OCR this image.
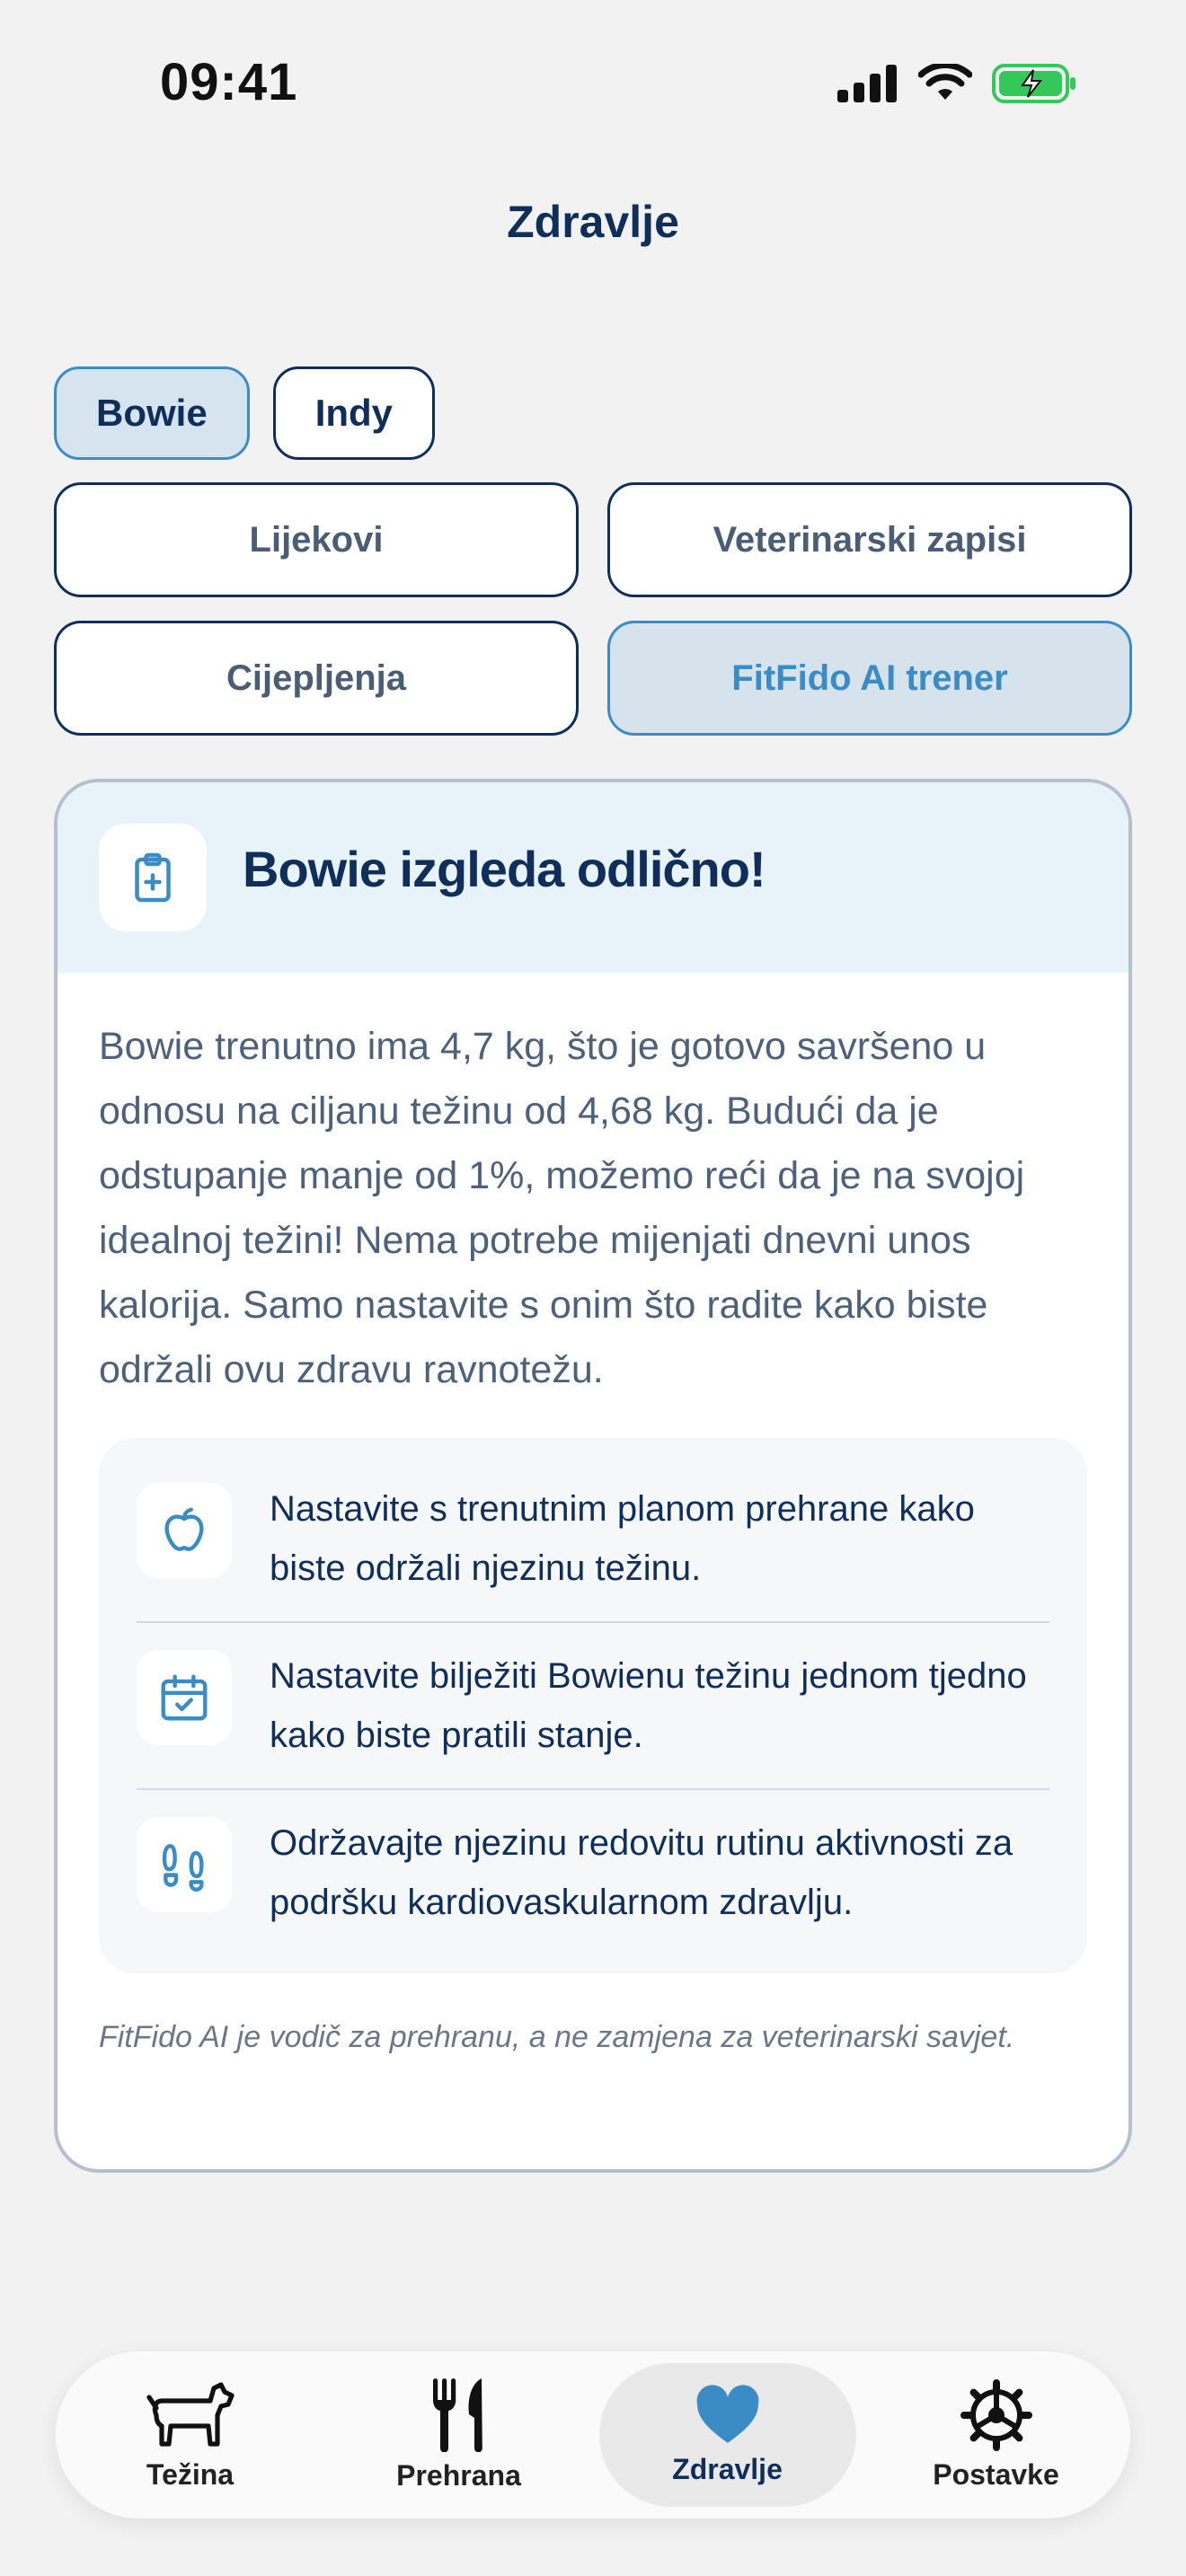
09:41
Zdravlje
Bowie	Indy
Lijekovi	Veterinarski zapisi
Cijepljenja	FitFido AI trener
Bowie izgleda odlično!
Bowie trenutno ima 4,7 kg, što je gotovo savršeno u odnosu na ciljanu težinu od 4,68 kg. Budući da je odstupanje manje od 1%, možemo reći da je na svojoj idealnoj težini! Nema potrebe mijenjati dnevni unos kalorija. Samo nastavite s onim što radite kako biste održali ovu zdravu ravnotežu.
Nastavite s trenutnim planom prehrane kako biste održali njezinu težinu.
Nastavite bilježiti Bowienu težinu jednom tjedno kako biste pratili stanje.
Održavajte njezinu redovitu rutinu aktivnosti za podršku kardiovaskularnom zdravlju.
FitFido AI je vodič za prehranu, a ne zamjena za veterinarski savjet.
Težina	Prehrana	Zdravlje	Postavke
